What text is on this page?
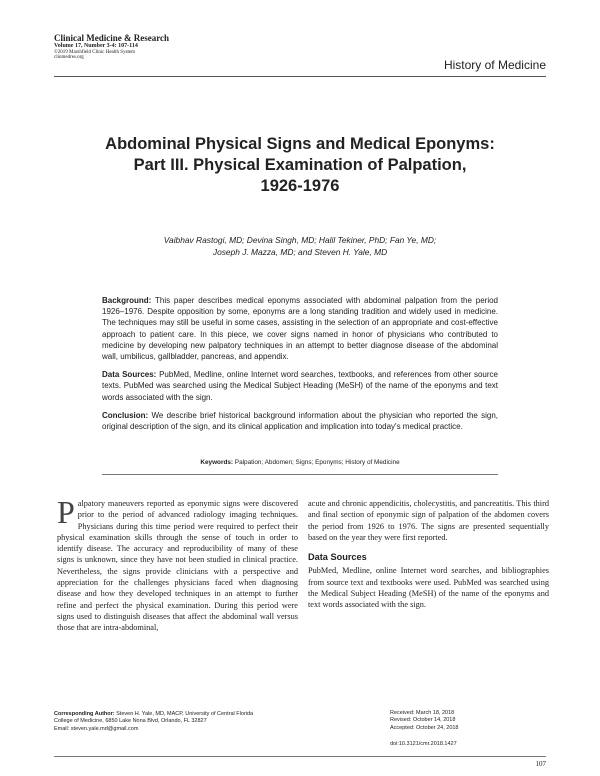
Clinical Medicine & Research
Volume 17, Number 3-4: 107-114
©2019 Marshfield Clinic Health System
clinmedres.org
History of Medicine
Abdominal Physical Signs and Medical Eponyms:
Part III. Physical Examination of Palpation,
1926-1976
Vaibhav Rastogi, MD; Devina Singh, MD; Halil Tekiner, PhD; Fan Ye, MD;
Joseph J. Mazza, MD; and Steven H. Yale, MD

Background: This paper describes medical eponyms associated with abdominal palpation from the period 1926–1976. Despite opposition by some, eponyms are a long standing tradition and widely used in medicine. The techniques may still be useful in some cases, assisting in the selection of an appropriate and cost-effective approach to patient care. In this piece, we cover signs named in honor of physicians who contributed to medicine by developing new palpatory techniques in an attempt to better diagnose disease of the abdominal wall, umbilicus, gallbladder, pancreas, and appendix.

Data Sources: PubMed, Medline, online Internet word searches, textbooks, and references from other source texts. PubMed was searched using the Medical Subject Heading (MeSH) of the name of the eponyms and text words associated with the sign.

Conclusion: We describe brief historical background information about the physician who reported the sign, original description of the sign, and its clinical application and implication into today's medical practice.

Keywords: Palpation; Abdomen; Signs; Eponyms; History of Medicine

Palpatory maneuvers reported as eponymic signs were discovered prior to the period of advanced radiology imaging techniques. Physicians during this time period were required to perfect their physical examination skills through the sense of touch in order to identify disease. The accuracy and reproducibility of many of these signs is unknown, since they have not been studied in clinical practice. Nevertheless, the signs provide clinicians with a perspective and appreciation for the challenges physicians faced when diagnosing disease and how they developed techniques in an attempt to further refine and perfect the physical examination. During this period were signs used to distinguish diseases that affect the abdominal wall versus those that are intra-abdominal,

acute and chronic appendicitis, cholecystitis, and pancreatitis. This third and final section of eponymic sign of palpation of the abdomen covers the period from 1926 to 1976. The signs are presented sequentially based on the year they were first reported.

Data Sources

PubMed, Medline, online Internet word searches, and bibliographies from source text and textbooks were used. PubMed was searched using the Medical Subject Heading (MeSH) of the name of the eponyms and text words associated with the sign.

Corresponding Author: Steven H. Yale, MD, MACP, University of Central Florida
College of Medicine, 6850 Lake Nona Blvd, Orlando, FL 32827
Email: steven.yale.md@gmail.com
Received: March 18, 2018
Revised: October 14, 2018
Accepted: October 24, 2018
doi:10.3121/cmr.2018.1427
107
